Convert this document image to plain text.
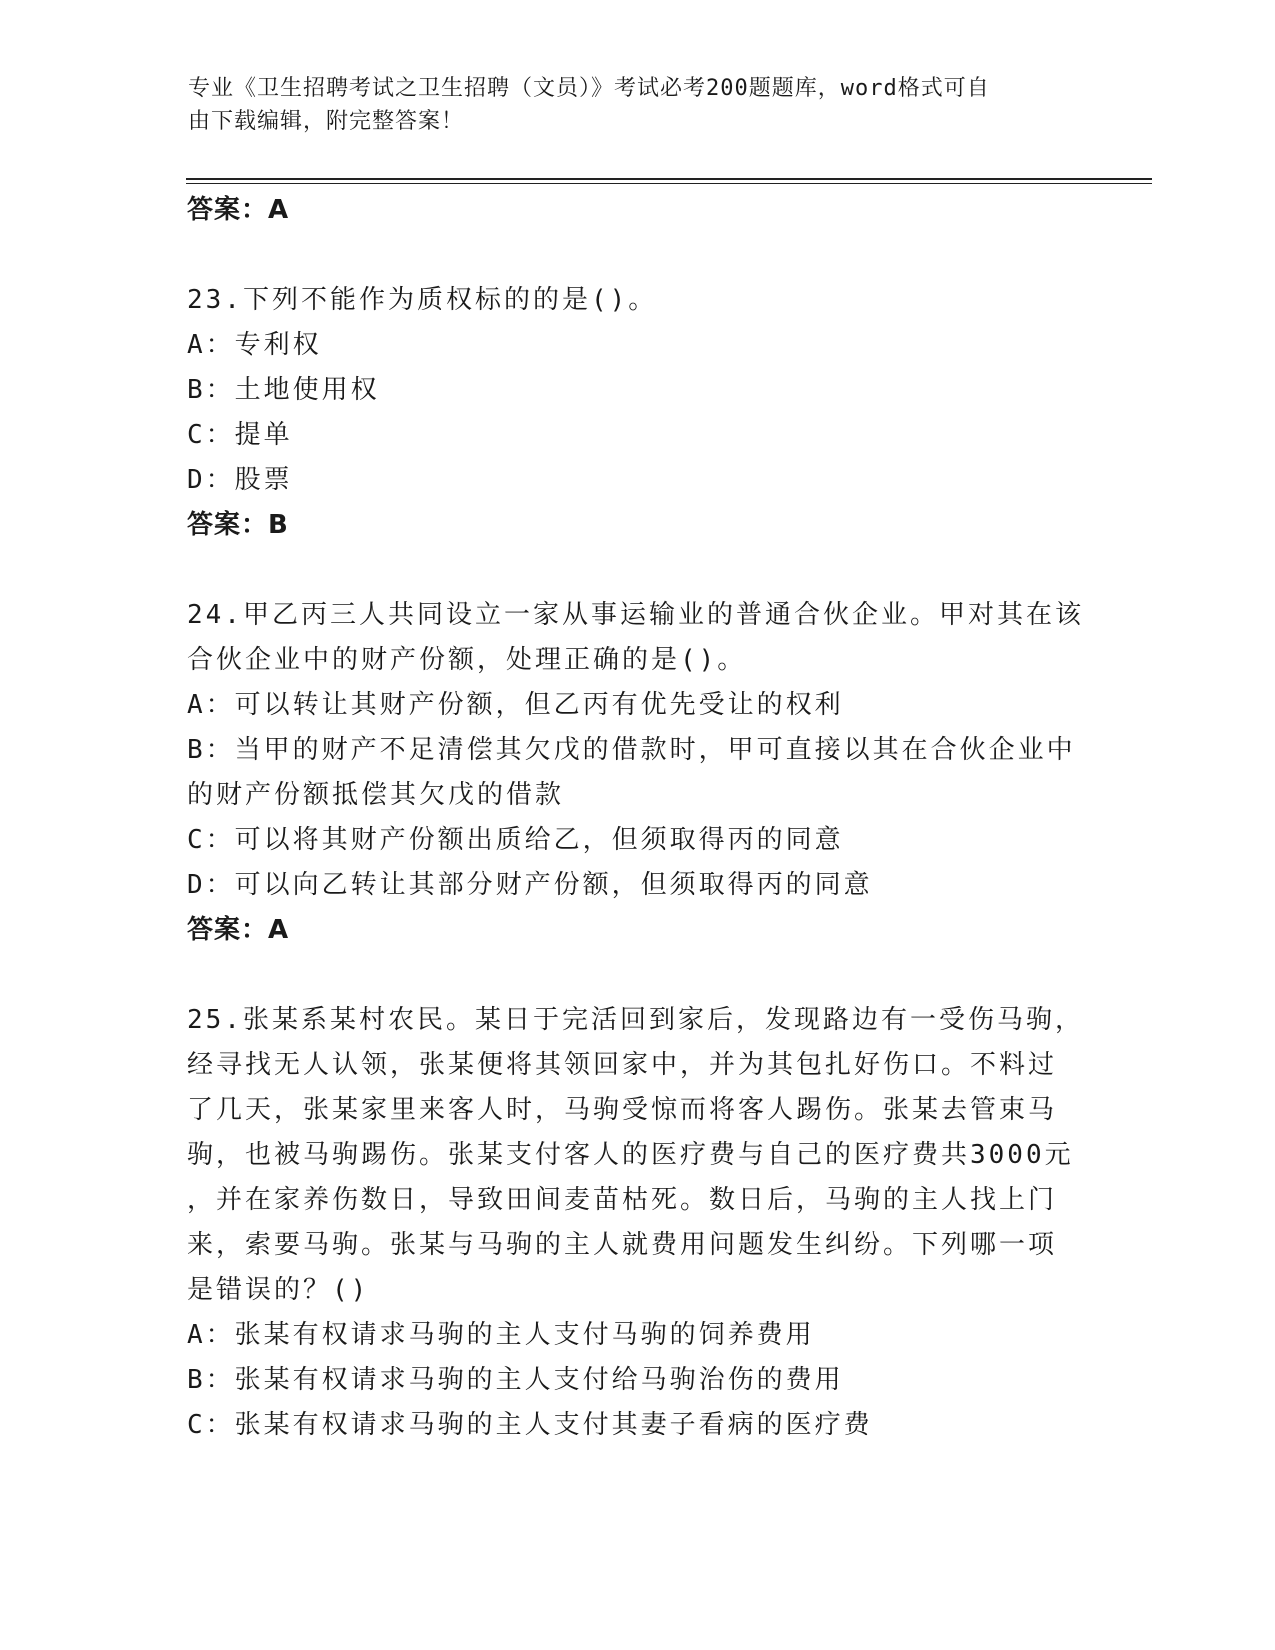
专业《卫生招聘考试之卫生招聘（文员）》考试必考200题题库，word格式可自
由下载编辑，附完整答案！
答案：A
23.下列不能作为质权标的的是()。
A：专利权
B：土地使用权
C：提单
D：股票
答案：B
24.甲乙丙三人共同设立一家从事运输业的普通合伙企业。甲对其在该
合伙企业中的财产份额，处理正确的是()。
A：可以转让其财产份额，但乙丙有优先受让的权利
B：当甲的财产不足清偿其欠戊的借款时，甲可直接以其在合伙企业中
的财产份额抵偿其欠戊的借款
C：可以将其财产份额出质给乙，但须取得丙的同意
D：可以向乙转让其部分财产份额，但须取得丙的同意
答案：A
25.张某系某村农民。某日于完活回到家后，发现路边有一受伤马驹，
经寻找无人认领，张某便将其领回家中，并为其包扎好伤口。不料过
了几天，张某家里来客人时，马驹受惊而将客人踢伤。张某去管束马
驹，也被马驹踢伤。张某支付客人的医疗费与自己的医疗费共3000元
，并在家养伤数日，导致田间麦苗枯死。数日后，马驹的主人找上门
来，索要马驹。张某与马驹的主人就费用问题发生纠纷。下列哪一项
是错误的？()
A：张某有权请求马驹的主人支付马驹的饲养费用
B：张某有权请求马驹的主人支付给马驹治伤的费用
C：张某有权请求马驹的主人支付其妻子看病的医疗费
